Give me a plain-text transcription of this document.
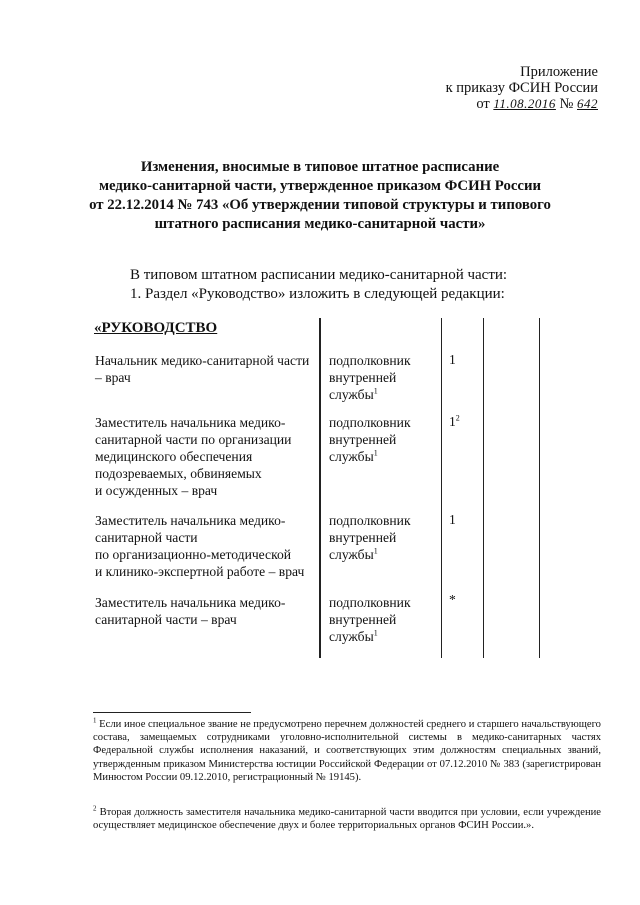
Приложение
к приказу ФСИН России
от 11.08.2016 № 642
Изменения, вносимые в типовое штатное расписание
медико-санитарной части, утвержденное приказом ФСИН России
от 22.12.2014 № 743 «Об утверждении типовой структуры и типового
штатного расписания медико-санитарной части»
В типовом штатном расписании медико-санитарной части:
1. Раздел «Руководство» изложить в следующей редакции:
«РУКОВОДСТВО
Начальник медико-санитарной части
– врач
подполковник
внутренней
службы$^1$
1
Заместитель начальника медико-
санитарной части по организации
медицинского обеспечения
подозреваемых, обвиняемых
и осужденных – врач
подполковник
внутренней
службы$^1$
$1^2$
Заместитель начальника медико-
санитарной части
по организационно-методической
и клинико-экспертной работе – врач
подполковник
внутренней
службы$^1$
1
Заместитель начальника медико-
санитарной части – врач
подполковник
внутренней
службы$^1$
*
$^1$ Если иное специальное звание не предусмотрено перечнем должностей среднего и старшего начальствующего состава, замещаемых сотрудниками уголовно-исполнительной системы в медико-санитарных частях Федеральной службы исполнения наказаний, и соответствующих этим должностям специальных званий, утвержденным приказом Министерства юстиции Российской Федерации от 07.12.2010 № 383 (зарегистрирован Минюстом России 09.12.2010, регистрационный № 19145).
$^2$ Вторая должность заместителя начальника медико-санитарной части вводится при условии, если учреждение осуществляет медицинское обеспечение двух и более территориальных органов ФСИН России.».
